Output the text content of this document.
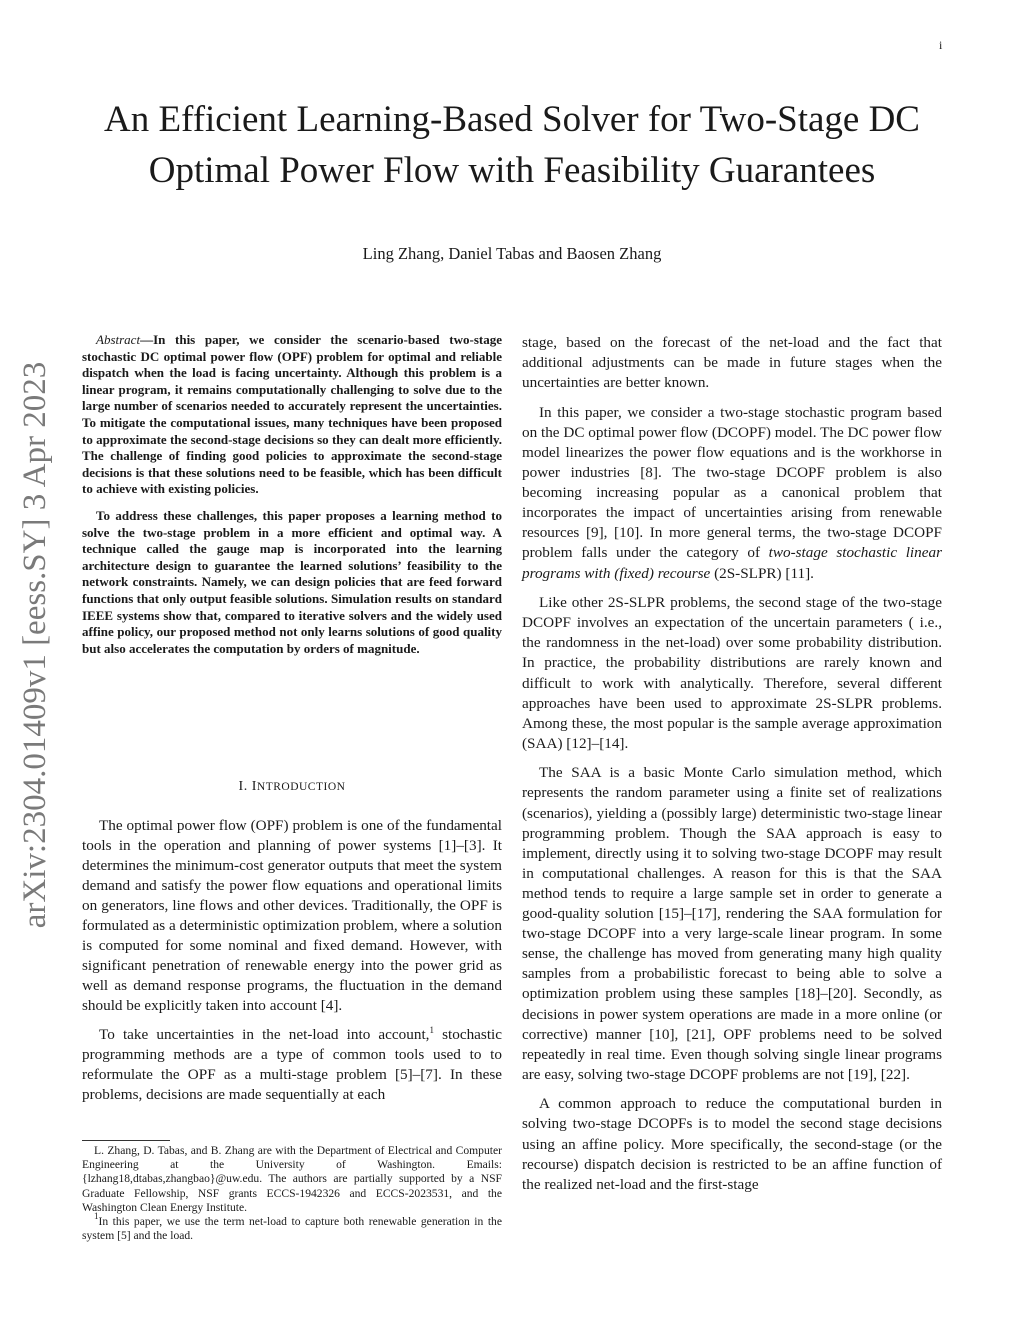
i
arXiv:2304.01409v1 [eess.SY] 3 Apr 2023
An Efficient Learning-Based Solver for Two-Stage DC Optimal Power Flow with Feasibility Guarantees
Ling Zhang, Daniel Tabas and Baosen Zhang

Abstract—In this paper, we consider the scenario-based two-stage stochastic DC optimal power flow (OPF) problem for optimal and reliable dispatch when the load is facing uncertainty. Although this problem is a linear program, it remains computationally challenging to solve due to the large number of scenarios needed to accurately represent the uncertainties. To mitigate the computational issues, many techniques have been proposed to approximate the second-stage decisions so they can dealt more efficiently. The challenge of finding good policies to approximate the second-stage decisions is that these solutions need to be feasible, which has been difficult to achieve with existing policies.

To address these challenges, this paper proposes a learning method to solve the two-stage problem in a more efficient and optimal way. A technique called the gauge map is incorporated into the learning architecture design to guarantee the learned solutions’ feasibility to the network constraints. Namely, we can design policies that are feed forward functions that only output feasible solutions. Simulation results on standard IEEE systems show that, compared to iterative solvers and the widely used affine policy, our proposed method not only learns solutions of good quality but also accelerates the computation by orders of magnitude.

I. INTRODUCTION

The optimal power flow (OPF) problem is one of the fundamental tools in the operation and planning of power systems [1]–[3]. It determines the minimum-cost generator outputs that meet the system demand and satisfy the power flow equations and operational limits on generators, line flows and other devices. Traditionally, the OPF is formulated as a deterministic optimization problem, where a solution is computed for some nominal and fixed demand. However, with significant penetration of renewable energy into the power grid as well as demand response programs, the fluctuation in the demand should be explicitly taken into account [4].

To take uncertainties in the net-load into account,$^1$ stochastic programming methods are a type of common tools used to to reformulate the OPF as a multi-stage problem [5]–[7]. In these problems, decisions are made sequentially at each

L. Zhang, D. Tabas, and B. Zhang are with the Department of Electrical and Computer Engineering at the University of Washington. Emails: {lzhang18,dtabas,zhangbao}@uw.edu. The authors are partially supported by a NSF Graduate Fellowship, NSF grants ECCS-1942326 and ECCS-2023531, and the Washington Clean Energy Institute.

$^1$In this paper, we use the term net-load to capture both renewable generation in the system [5] and the load.

stage, based on the forecast of the net-load and the fact that additional adjustments can be made in future stages when the uncertainties are better known.

In this paper, we consider a two-stage stochastic program based on the DC optimal power flow (DCOPF) model. The DC power flow model linearizes the power flow equations and is the workhorse in power industries [8]. The two-stage DCOPF problem is also becoming increasing popular as a canonical problem that incorporates the impact of uncertainties arising from renewable resources [9], [10]. In more general terms, the two-stage DCOPF problem falls under the category of two-stage stochastic linear programs with (fixed) recourse (2S-SLPR) [11].

Like other 2S-SLPR problems, the second stage of the two-stage DCOPF involves an expectation of the uncertain parameters ( i.e., the randomness in the net-load) over some probability distribution. In practice, the probability distributions are rarely known and difficult to work with analytically. Therefore, several different approaches have been used to approximate 2S-SLPR problems. Among these, the most popular is the sample average approximation (SAA) [12]–[14].

The SAA is a basic Monte Carlo simulation method, which represents the random parameter using a finite set of realizations (scenarios), yielding a (possibly large) deterministic two-stage linear programming problem. Though the SAA approach is easy to implement, directly using it to solving two-stage DCOPF may result in computational challenges. A reason for this is that the SAA method tends to require a large sample set in order to generate a good-quality solution [15]–[17], rendering the SAA formulation for two-stage DCOPF into a very large-scale linear program. In some sense, the challenge has moved from generating many high quality samples from a probabilistic forecast to being able to solve a optimization problem using these samples [18]–[20]. Secondly, as decisions in power system operations are made in a more online (or corrective) manner [10], [21], OPF problems need to be solved repeatedly in real time. Even though solving single linear programs are easy, solving two-stage DCOPF problems are not [19], [22].

A common approach to reduce the computational burden in solving two-stage DCOPFs is to model the second stage decisions using an affine policy. More specifically, the second-stage (or the recourse) dispatch decision is restricted to be an affine function of the realized net-load and the first-stage
